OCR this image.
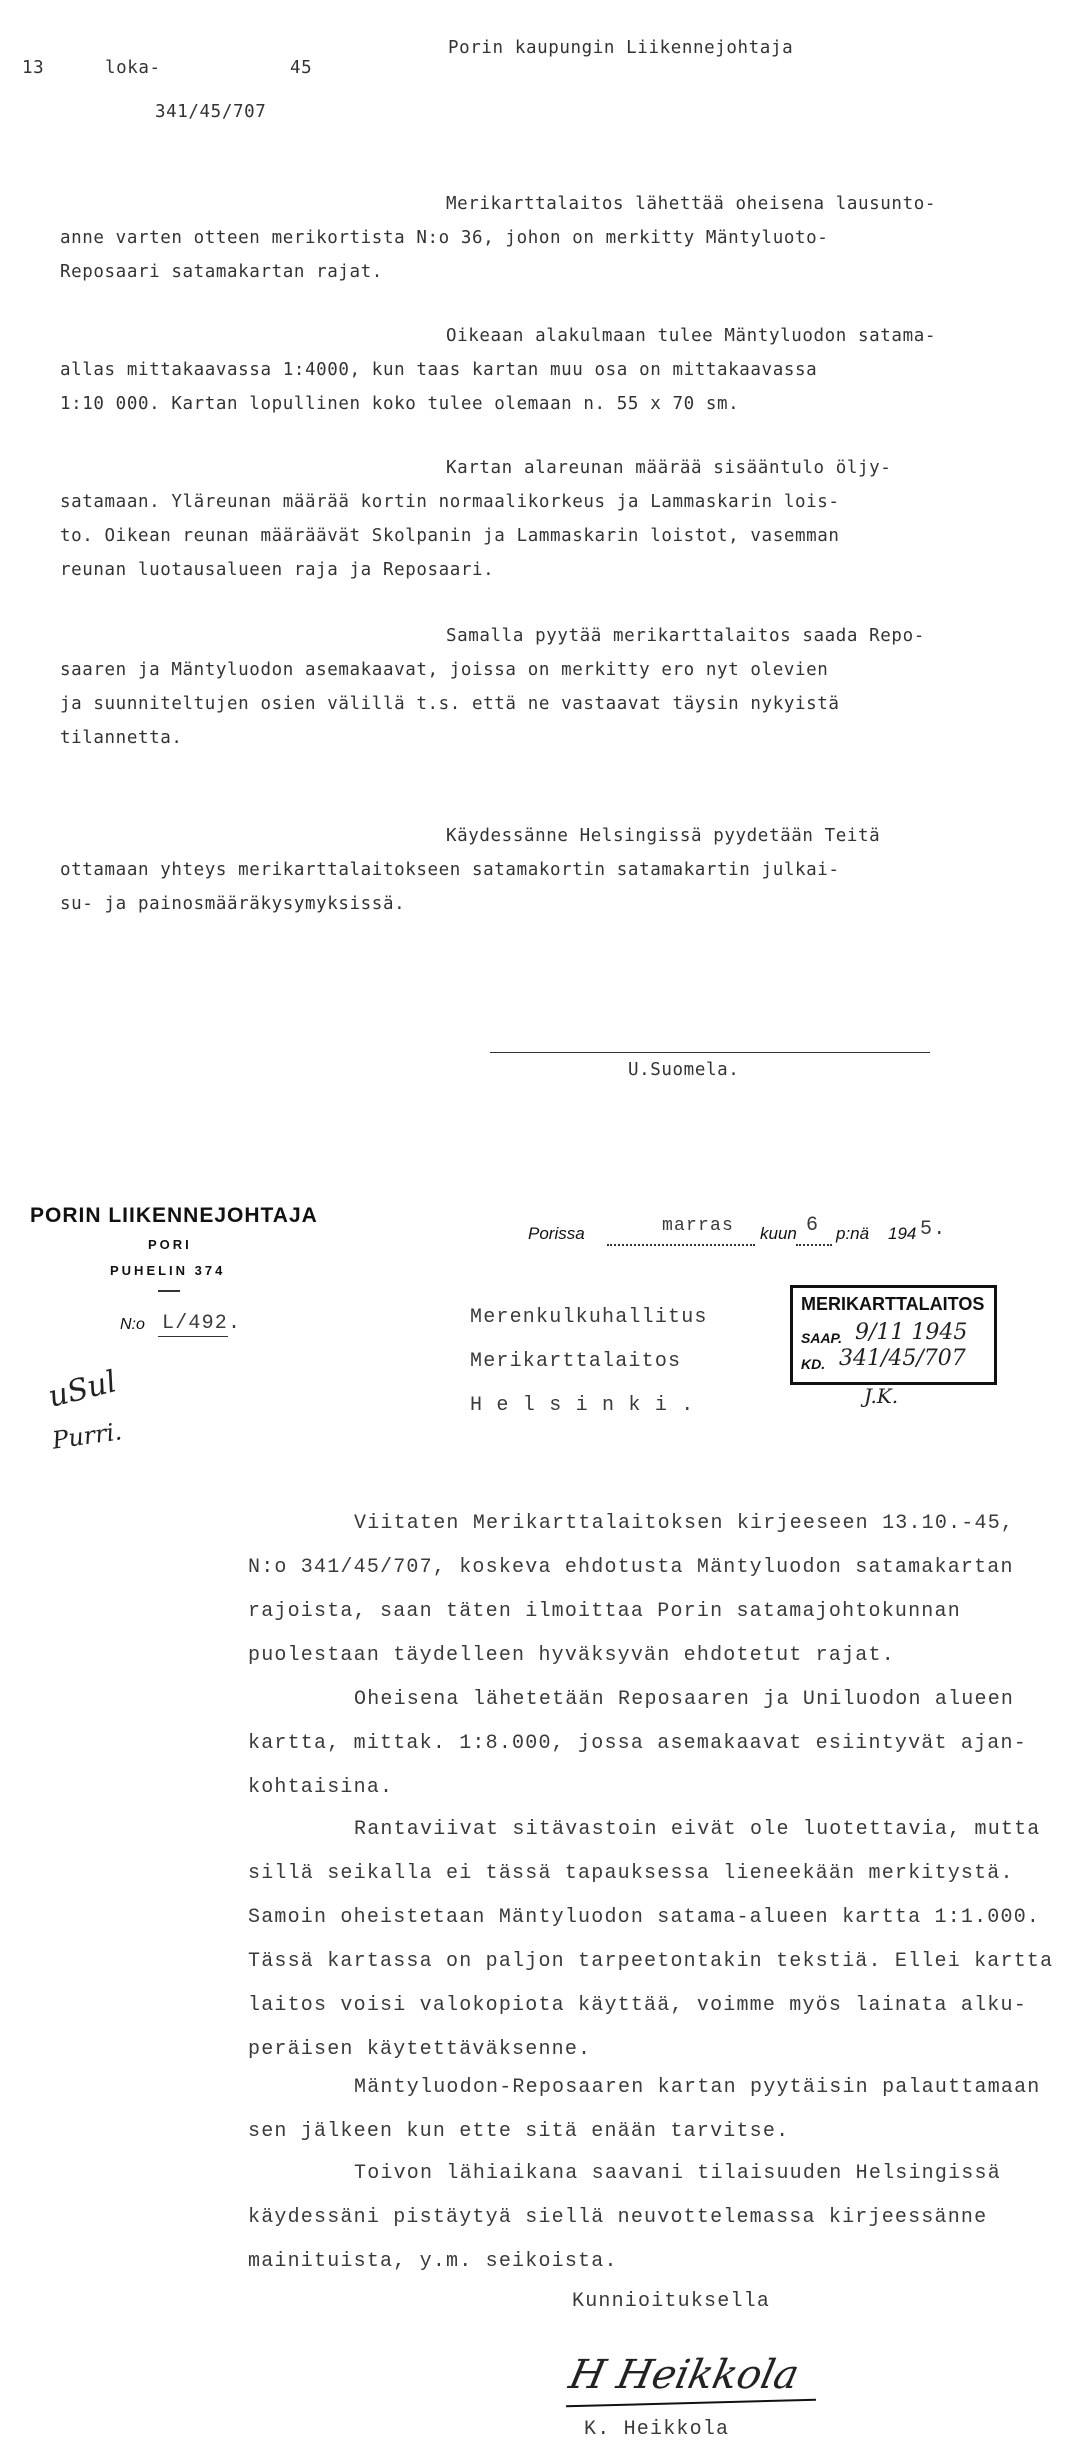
13	loka-	45
Porin kaupungin Liikennejohtaja
341/45/707
Merikarttalaitos lähettää oheisena lausunto-
anne varten otteen merikortista N:o 36, johon on merkitty Mäntyluoto-
Reposaari satamakartan rajat.
Oikeaan alakulmaan tulee Mäntyluodon satama-
allas mittakaavassa 1:4000, kun taas kartan muu osa on mittakaavassa
1:10 000. Kartan lopullinen koko tulee olemaan n. 55 x 70 sm.
Kartan alareunan määrää sisääntulo öljy-
satamaan. Yläreunan määrää kortin normaalikorkeus ja Lammaskarin lois-
to. Oikean reunan määräävät Skolpanin ja Lammaskarin loistot, vasemman
reunan luotausalueen raja ja Reposaari.
Samalla pyytää merikarttalaitos saada Repo-
saaren ja Mäntyluodon asemakaavat, joissa on merkitty ero nyt olevien
ja suunniteltujen osien välillä t.s. että ne vastaavat täysin nykyistä
tilannetta.
Käydessänne Helsingissä pyydetään Teitä
ottamaan yhteys merikarttalaitokseen satamakortin satamakartin julkai-
su- ja painosmääräkysymyksissä.
U.Suomela.
PORIN LIIKENNEJOHTAJA
PORI
PUHELIN 374
N:o L/492.
uSul
Purri.
Porissa	marras kuun 6 p:nä 194 5.
Merenkulkuhallitus
Merikarttalaitos
H e l s i n k i .
MERIKARTTALAITOS
SAAP. 9/11 1945
KD. 341/45/707
J.K.
Viitaten Merikarttalaitoksen kirjeeseen 13.10.-45,
N:o 341/45/707, koskeva ehdotusta Mäntyluodon satamakartan
rajoista, saan täten ilmoittaa Porin satamajohtokunnan
puolestaan täydelleen hyväksyvän ehdotetut rajat.
Oheisena lähetetään Reposaaren ja Uniluodon alueen
kartta, mittak. 1:8.000, jossa asemakaavat esiintyvät ajan-
kohtaisina.
Rantaviivat sitävastoin eivät ole luotettavia, mutta
sillä seikalla ei tässä tapauksessa lieneekään merkitystä.
Samoin oheistetaan Mäntyluodon satama-alueen kartta 1:1.000.
Tässä kartassa on paljon tarpeetontakin tekstiä. Ellei kartta
laitos voisi valokopiota käyttää, voimme myös lainata alku-
peräisen käytettäväksenne.
Mäntyluodon-Reposaaren kartan pyytäisin palauttamaan
sen jälkeen kun ette sitä enään tarvitse.
Toivon lähiaikana saavani tilaisuuden Helsingissä
käydessäni pistäytyä siellä neuvottelemassa kirjeessänne
mainituista, y.m. seikoista.
Kunnioituksella
H Heikkola
K. Heikkola
